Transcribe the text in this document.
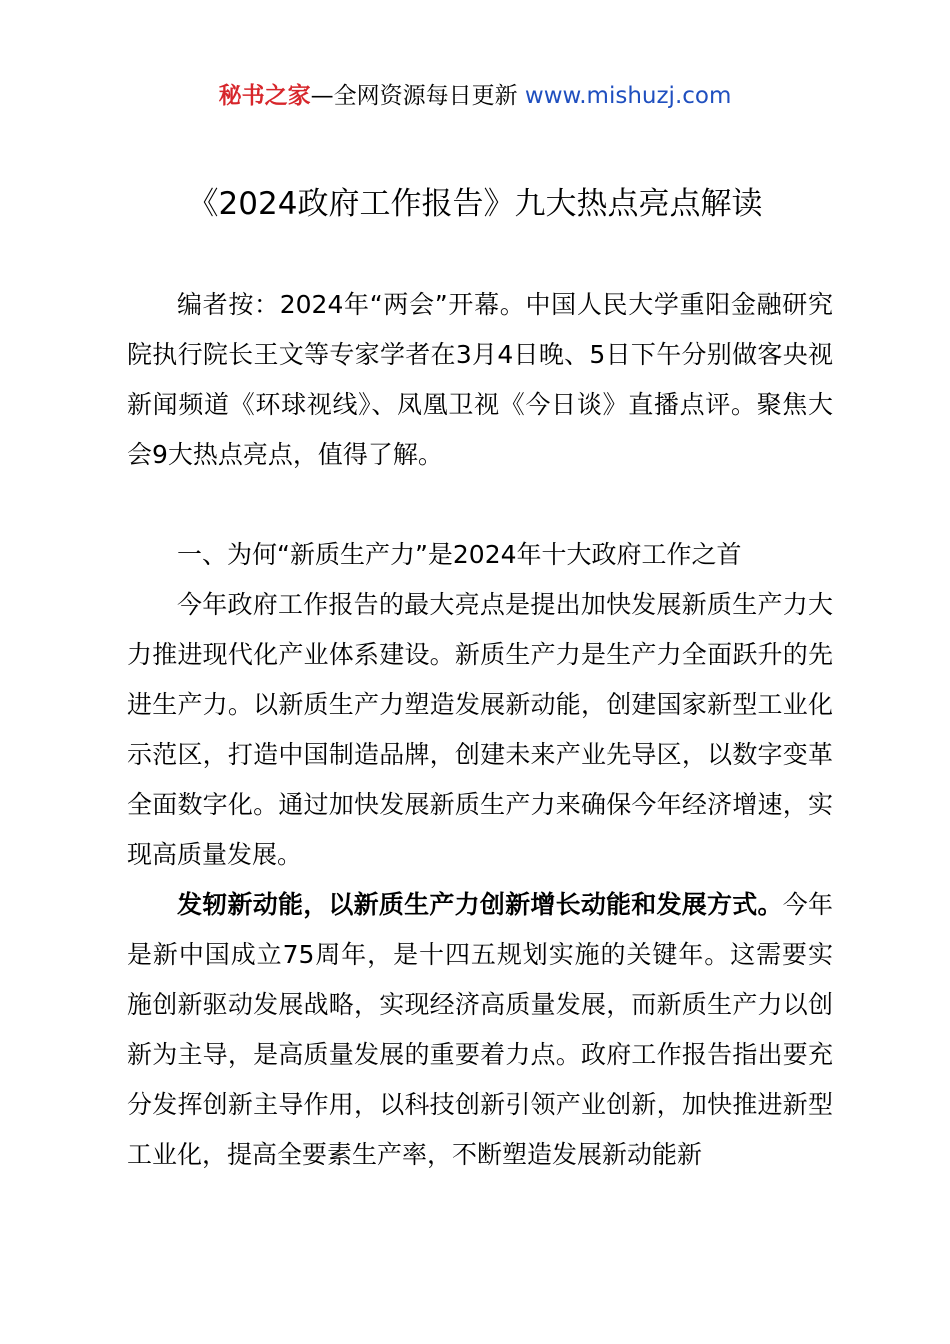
秘书之家—全网资源每日更新 www.mishuzj.com
《2024政府工作报告》九大热点亮点解读

编者按：2024年“两会”开幕。中国人民大学重阳金融研究院执行院长王文等专家学者在3月4日晚、5日下午分别做客央视新闻频道《环球视线》、凤凰卫视《今日谈》直播点评。聚焦大会9大热点亮点，值得了解。

一、为何“新质生产力”是2024年十大政府工作之首

今年政府工作报告的最大亮点是提出加快发展新质生产力大力推进现代化产业体系建设。新质生产力是生产力全面跃升的先进生产力。以新质生产力塑造发展新动能，创建国家新型工业化示范区，打造中国制造品牌，创建未来产业先导区，以数字变革全面数字化。通过加快发展新质生产力来确保今年经济增速，实现高质量发展。

发轫新动能，以新质生产力创新增长动能和发展方式。今年是新中国成立75周年，是十四五规划实施的关键年。这需要实施创新驱动发展战略，实现经济高质量发展，而新质生产力以创新为主导，是高质量发展的重要着力点。政府工作报告指出要充分发挥创新主导作用，以科技创新引领产业创新，加快推进新型工业化，提高全要素生产率，不断塑造发展新动能新
